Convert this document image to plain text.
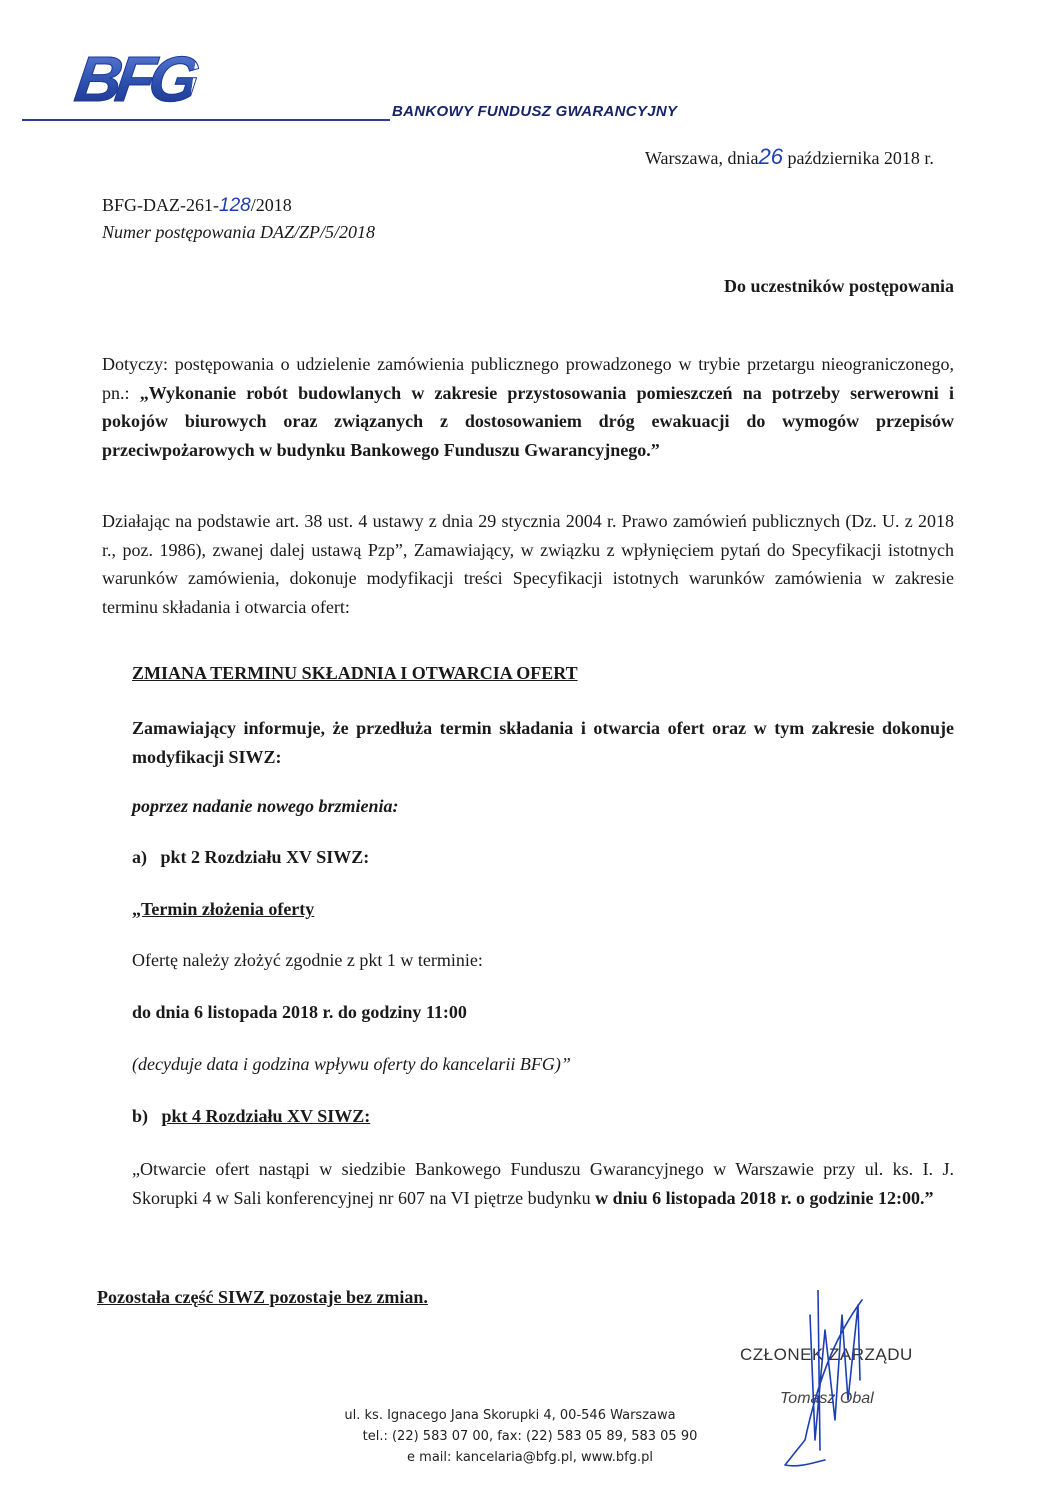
BFG	BANKOWY FUNDUSZ GWARANCYJNY
Warszawa, dnia26 października 2018 r.
BFG-DAZ-261-128/2018
Numer postępowania DAZ/ZP/5/2018
Do uczestników postępowania
Dotyczy: postępowania o udzielenie zamówienia publicznego prowadzonego w trybie przetargu nieograniczonego, pn.: „Wykonanie robót budowlanych w zakresie przystosowania pomieszczeń na potrzeby serwerowni i pokojów biurowych oraz związanych z dostosowaniem dróg ewakuacji do wymogów przepisów przeciwpożarowych w budynku Bankowego Funduszu Gwarancyjnego.”
Działając na podstawie art. 38 ust. 4 ustawy z dnia 29 stycznia 2004 r. Prawo zamówień publicznych (Dz. U. z 2018 r., poz. 1986), zwanej dalej ustawą Pzp”, Zamawiający, w związku z wpłynięciem pytań do Specyfikacji istotnych warunków zamówienia, dokonuje modyfikacji treści Specyfikacji istotnych warunków zamówienia w zakresie terminu składania i otwarcia ofert:
ZMIANA TERMINU SKŁADNIA I OTWARCIA OFERT
Zamawiający informuje, że przedłuża termin składania i otwarcia ofert oraz w tym zakresie dokonuje modyfikacji SIWZ:
poprzez nadanie nowego brzmienia:
a) pkt 2 Rozdziału XV SIWZ:
„Termin złożenia oferty
Ofertę należy złożyć zgodnie z pkt 1 w terminie:
do dnia 6 listopada 2018 r. do godziny 11:00
(decyduje data i godzina wpływu oferty do kancelarii BFG)”
b) pkt 4 Rozdziału XV SIWZ:
„Otwarcie ofert nastąpi w siedzibie Bankowego Funduszu Gwarancyjnego w Warszawie przy ul. ks. I. J. Skorupki 4 w Sali konferencyjnej nr 607 na VI piętrze budynku w dniu 6 listopada 2018 r. o godzinie 12:00.”
Pozostała część SIWZ pozostaje bez zmian.
CZŁONEK ZARZĄDU
Tomasz Obal
ul. ks. Ignacego Jana Skorupki 4, 00-546 Warszawa
tel.: (22) 583 07 00, fax: (22) 583 05 89, 583 05 90
e mail: kancelaria@bfg.pl, www.bfg.pl
